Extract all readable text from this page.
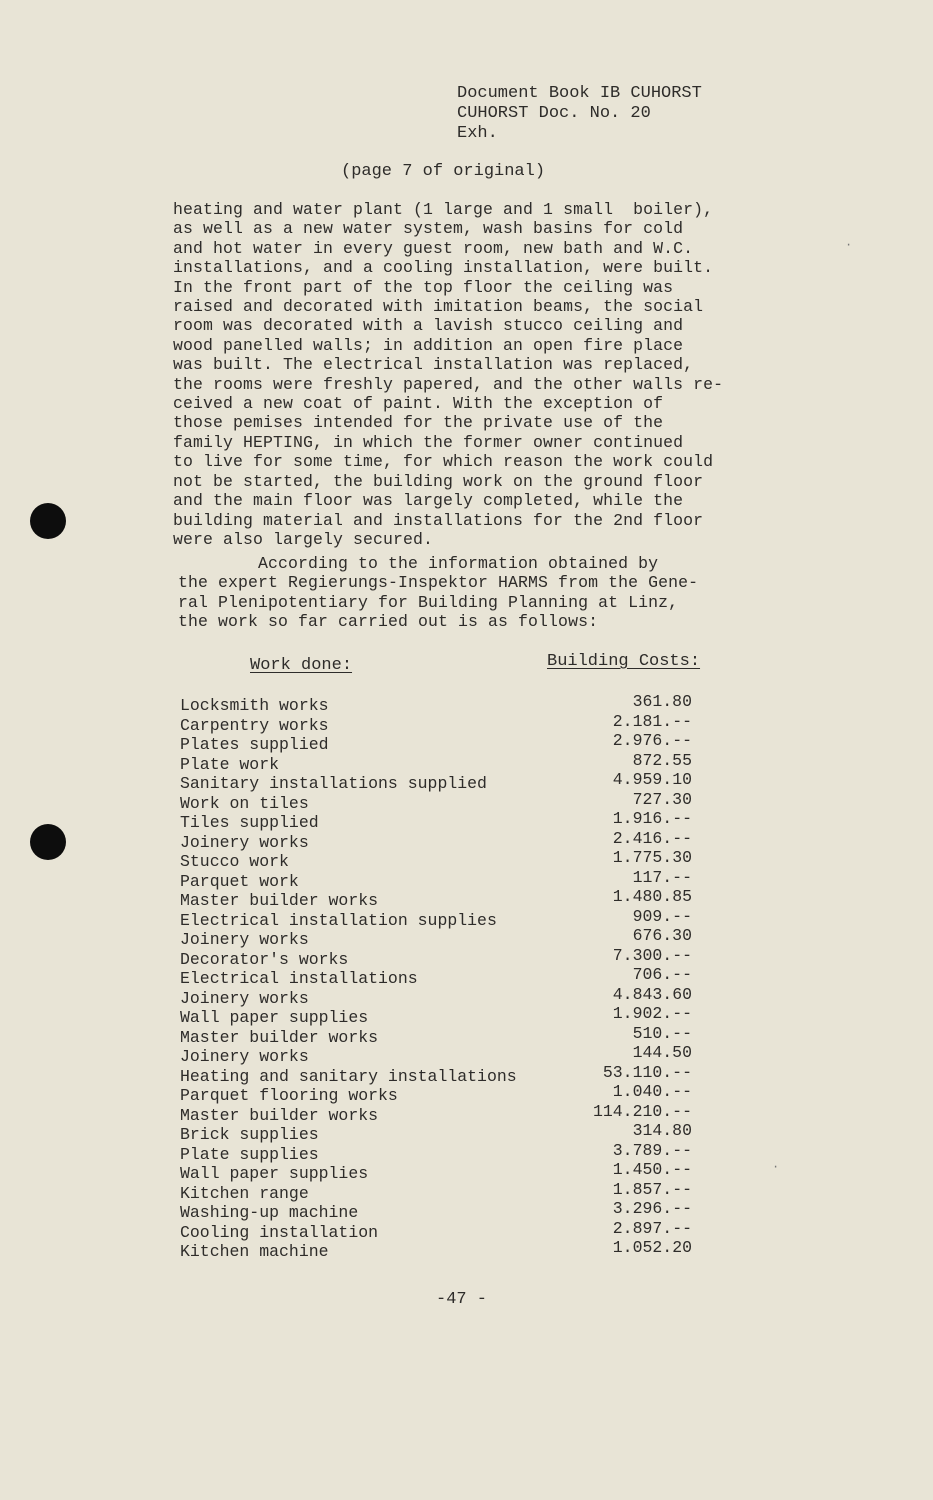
Document Book IB CUHORST
CUHORST Doc. No. 20
Exh.
(page 7 of original)
heating and water plant (1 large and 1 small  boiler),
as well as a new water system, wash basins for cold
and hot water in every guest room, new bath and W.C.
installations, and a cooling installation, were built.
In the front part of the top floor the ceiling was
raised and decorated with imitation beams, the social
room was decorated with a lavish stucco ceiling and
wood panelled walls; in addition an open fire place
was built. The electrical installation was replaced,
the rooms were freshly papered, and the other walls re-
ceived a new coat of paint. With the exception of
those pemises intended for the private use of the
family HEPTING, in which the former owner continued
to live for some time, for which reason the work could
not be started, the building work on the ground floor
and the main floor was largely completed, while the
building material and installations for the 2nd floor
were also largely secured.
According to the information obtained by
the expert Regierungs-Inspektor HARMS from the Gene-
ral Plenipotentiary for Building Planning at Linz,
the work so far carried out is as follows:
Work done:	Building Costs:
Locksmith works	361.80
Carpentry works	2.181.--
Plates supplied	2.976.--
Plate work	872.55
Sanitary installations supplied	4.959.10
Work on tiles	727.30
Tiles supplied	1.916.--
Joinery works	2.416.--
Stucco work	1.775.30
Parquet work	117.--
Master builder works	1.480.85
Electrical installation supplies	909.--
Joinery works	676.30
Decorator's works	7.300.--
Electrical installations	706.--
Joinery works	4.843.60
Wall paper supplies	1.902.--
Master builder works	510.--
Joinery works	144.50
Heating and sanitary installations	53.110.--
Parquet flooring works	1.040.--
Master builder works	114.210.--
Brick supplies	314.80
Plate supplies	3.789.--
Wall paper supplies	1.450.--
Kitchen range	1.857.--
Washing-up machine	3.296.--
Cooling installation	2.897.--
Kitchen machine	1.052.20
-47 -
·
·
